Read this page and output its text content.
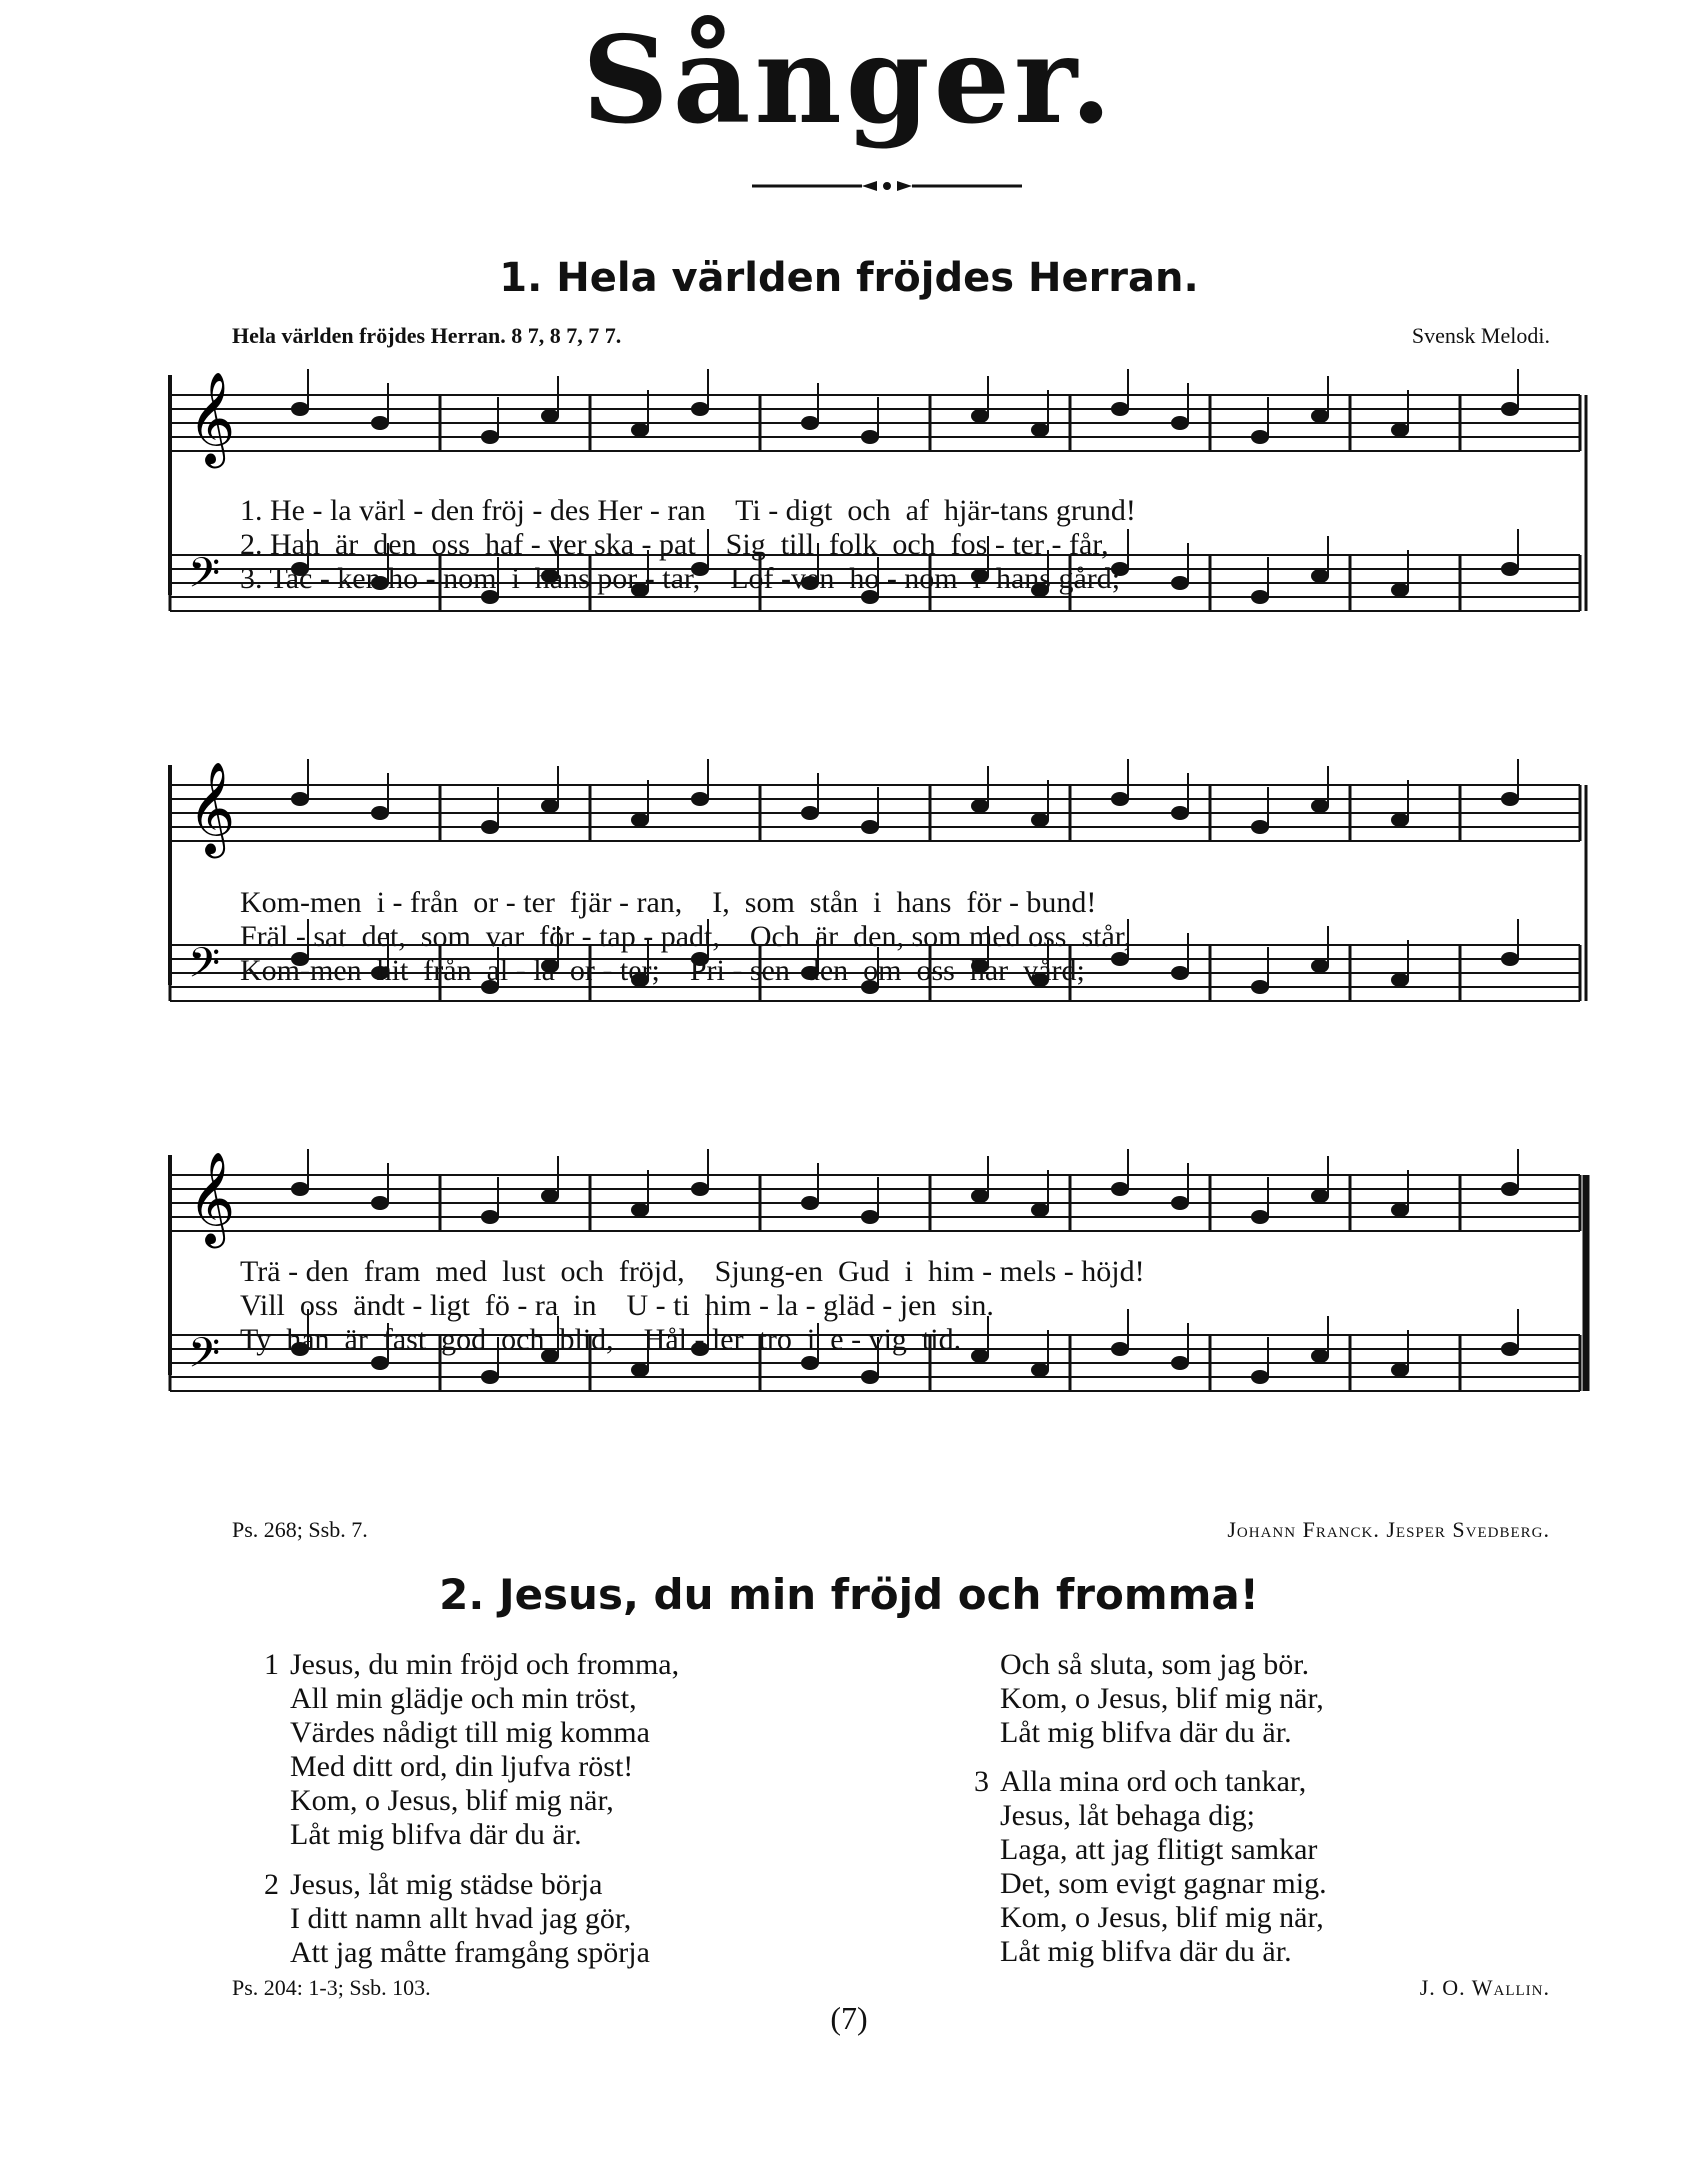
Sånger.
1. Hela världen fröjdes Herran.
Hela världen fröjdes Herran. 8 7, 8 7, 7 7.	Svensk Melodi.
𝄞
𝄢
1. He - la värl - den fröj - des Her - ran    Ti - digt  och  af  hjär-tans grund!
2. Han  är  den  oss  haf - ver ska - pat    Sig  till  folk  och  fos - ter - får,
3. Tac - ken ho - nom  i  hans por - tar,    Lof -ven  ho - nom  i  hans gård;
𝄞
𝄢
Kom-men  i - från  or - ter  fjär - ran,    I,  som  stån  i  hans  för - bund!
Fräl - sat  det,  som  var  för - tap - padt,    Och  är  den, som med oss  står,
Kom-men  hit  från  al - la  or - ter;    Pri - sen  den  om  oss  har  vård;
𝄞
𝄢
Trä - den  fram  med  lust  och  fröjd,    Sjung-en  Gud  i  him - mels - höjd!
Vill  oss  ändt - ligt  fö - ra  in    U - ti  him - la - gläd - jen  sin.
Ty  han  är  fast  god  och  blid,    Hål - ler  tro  i  e - vig  tid.
Ps. 268; Ssb. 7.	Johann Franck. Jesper Svedberg.
2. Jesus, du min fröjd och fromma!
1 Jesus, du min fröjd och fromma,
All min glädje och min tröst,
Värdes nådigt till mig komma
Med ditt ord, din ljufva röst!
Kom, o Jesus, blif mig när,
Låt mig blifva där du är.
2 Jesus, låt mig städse börja
I ditt namn allt hvad jag gör,
Att jag måtte framgång spörja
Och så sluta, som jag bör.
Kom, o Jesus, blif mig när,
Låt mig blifva där du är.
3 Alla mina ord och tankar,
Jesus, låt behaga dig;
Laga, att jag flitigt samkar
Det, som evigt gagnar mig.
Kom, o Jesus, blif mig när,
Låt mig blifva där du är.
Ps. 204: 1-3; Ssb. 103.	J. O. Wallin.
(7)
